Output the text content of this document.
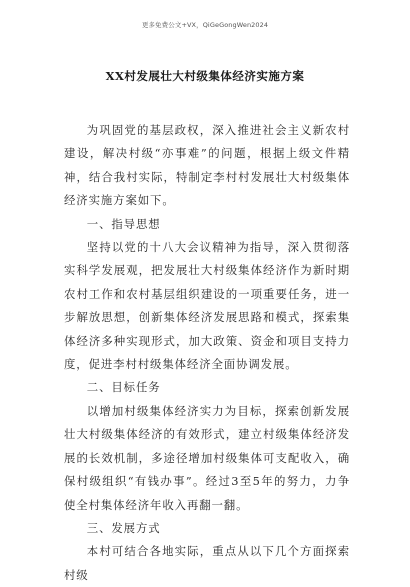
更多免费公文+VX，QiGeGongWen2024
XX村发展壮大村级集体经济实施方案

为巩固党的基层政权，深入推进社会主义新农村建设，解决村级“亦事难”的问题，根据上级文件精神，结合我村实际，特制定李村村发展壮大村级集体经济实施方案如下。

一、指导思想

坚持以党的十八大会议精神为指导，深入贯彻落实科学发展观，把发展壮大村级集体经济作为新时期农村工作和农村基层组织建设的一项重要任务，进一步解放思想，创新集体经济发展思路和模式，探索集体经济多种实现形式，加大政策、资金和项目支持力度，促进李村村级集体经济全面协调发展。

二、目标任务

以增加村级集体经济实力为目标，探索创新发展壮大村级集体经济的有效形式，建立村级集体经济发展的长效机制，多途径增加村级集体可支配收入，确保村级组织“有钱办事”。经过3至5年的努力，力争使全村集体经济年收入再翻一翻。

三、发展方式

本村可结合各地实际，重点从以下几个方面探索村级
